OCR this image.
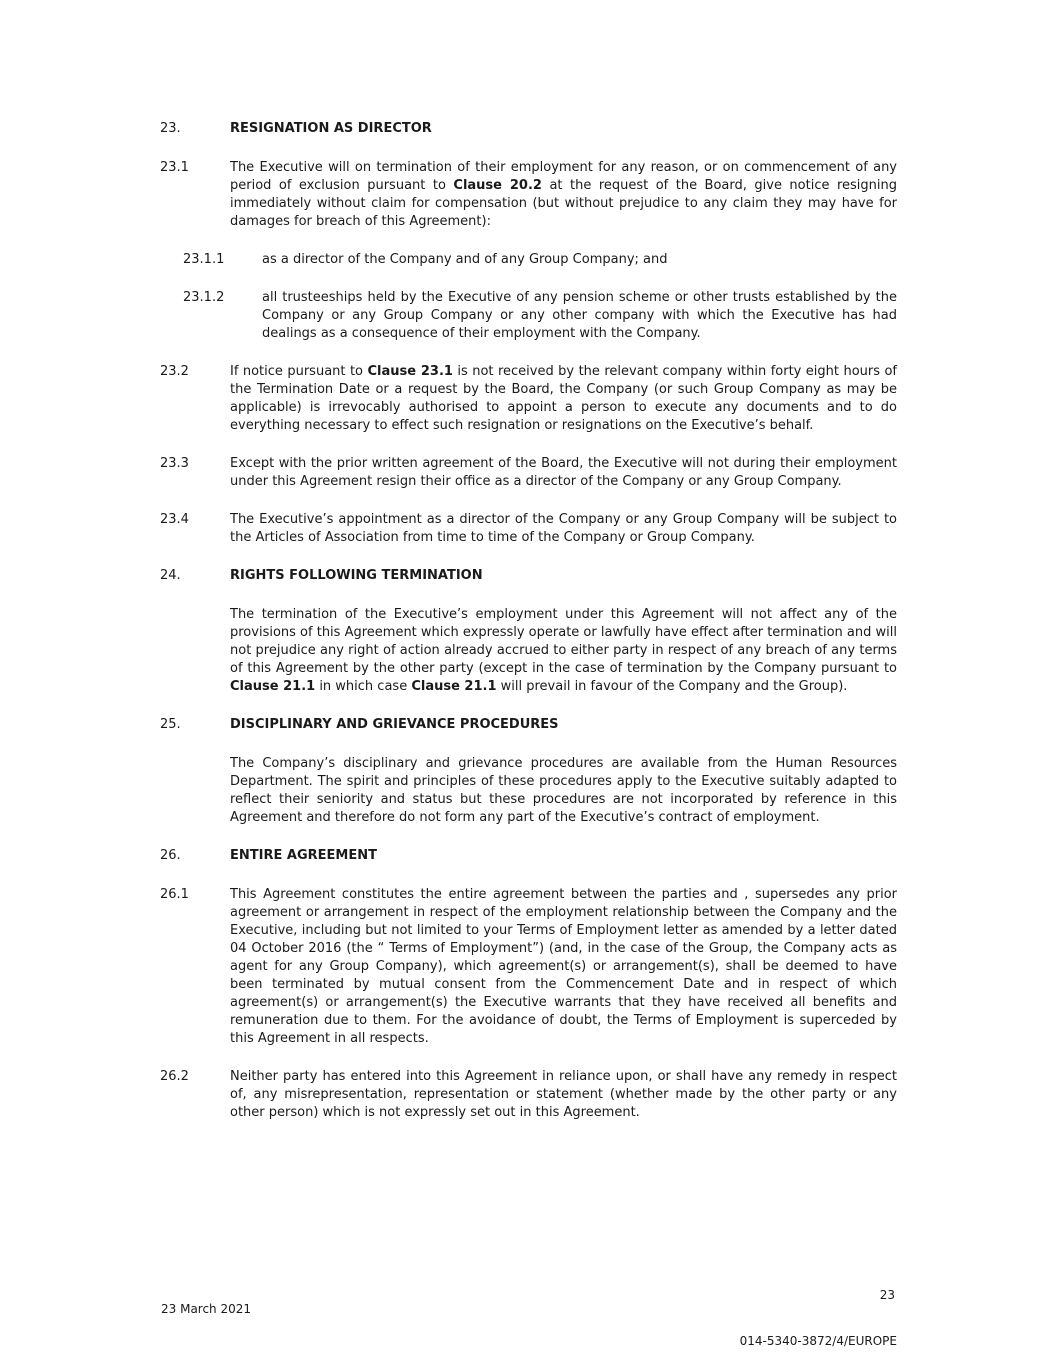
23.	RESIGNATION AS DIRECTOR
23.1	The Executive will on termination of their employment for any reason, or on commencement of any period of exclusion pursuant to Clause 20.2 at the request of the Board, give notice resigning immediately without claim for compensation (but without prejudice to any claim they may have for damages for breach of this Agreement):
23.1.1	as a director of the Company and of any Group Company; and
23.1.2	all trusteeships held by the Executive of any pension scheme or other trusts established by the Company or any Group Company or any other company with which the Executive has had dealings as a consequence of their employment with the Company.
23.2	If notice pursuant to Clause 23.1 is not received by the relevant company within forty eight hours of the Termination Date or a request by the Board, the Company (or such Group Company as may be applicable) is irrevocably authorised to appoint a person to execute any documents and to do everything necessary to effect such resignation or resignations on the Executive’s behalf.
23.3	Except with the prior written agreement of the Board, the Executive will not during their employment under this Agreement resign their office as a director of the Company or any Group Company.
23.4	The Executive’s appointment as a director of the Company or any Group Company will be subject to the Articles of Association from time to time of the Company or Group Company.
24.	RIGHTS FOLLOWING TERMINATION
The termination of the Executive’s employment under this Agreement will not affect any of the provisions of this Agreement which expressly operate or lawfully have effect after termination and will not prejudice any right of action already accrued to either party in respect of any breach of any terms of this Agreement by the other party (except in the case of termination by the Company pursuant to Clause 21.1 in which case Clause 21.1 will prevail in favour of the Company and the Group).
25.	DISCIPLINARY AND GRIEVANCE PROCEDURES
The Company’s disciplinary and grievance procedures are available from the Human Resources Department. The spirit and principles of these procedures apply to the Executive suitably adapted to reflect their seniority and status but these procedures are not incorporated by reference in this Agreement and therefore do not form any part of the Executive’s contract of employment.
26.	ENTIRE AGREEMENT
26.1	This Agreement constitutes the entire agreement between the parties and , supersedes any prior agreement or arrangement in respect of the employment relationship between the Company and the Executive, including but not limited to your Terms of Employment letter as amended by a letter dated 04 October 2016 (the “ Terms of Employment”) (and, in the case of the Group, the Company acts as agent for any Group Company), which agreement(s) or arrangement(s), shall be deemed to have been terminated by mutual consent from the Commencement Date and in respect of which agreement(s) or arrangement(s) the Executive warrants that they have received all benefits and remuneration due to them. For the avoidance of doubt, the Terms of Employment is superceded by this Agreement in all respects.
26.2	Neither party has entered into this Agreement in reliance upon, or shall have any remedy in respect of, any misrepresentation, representation or statement (whether made by the other party or any other person) which is not expressly set out in this Agreement.
23 March 2021
23
014-5340-3872/4/EUROPE
